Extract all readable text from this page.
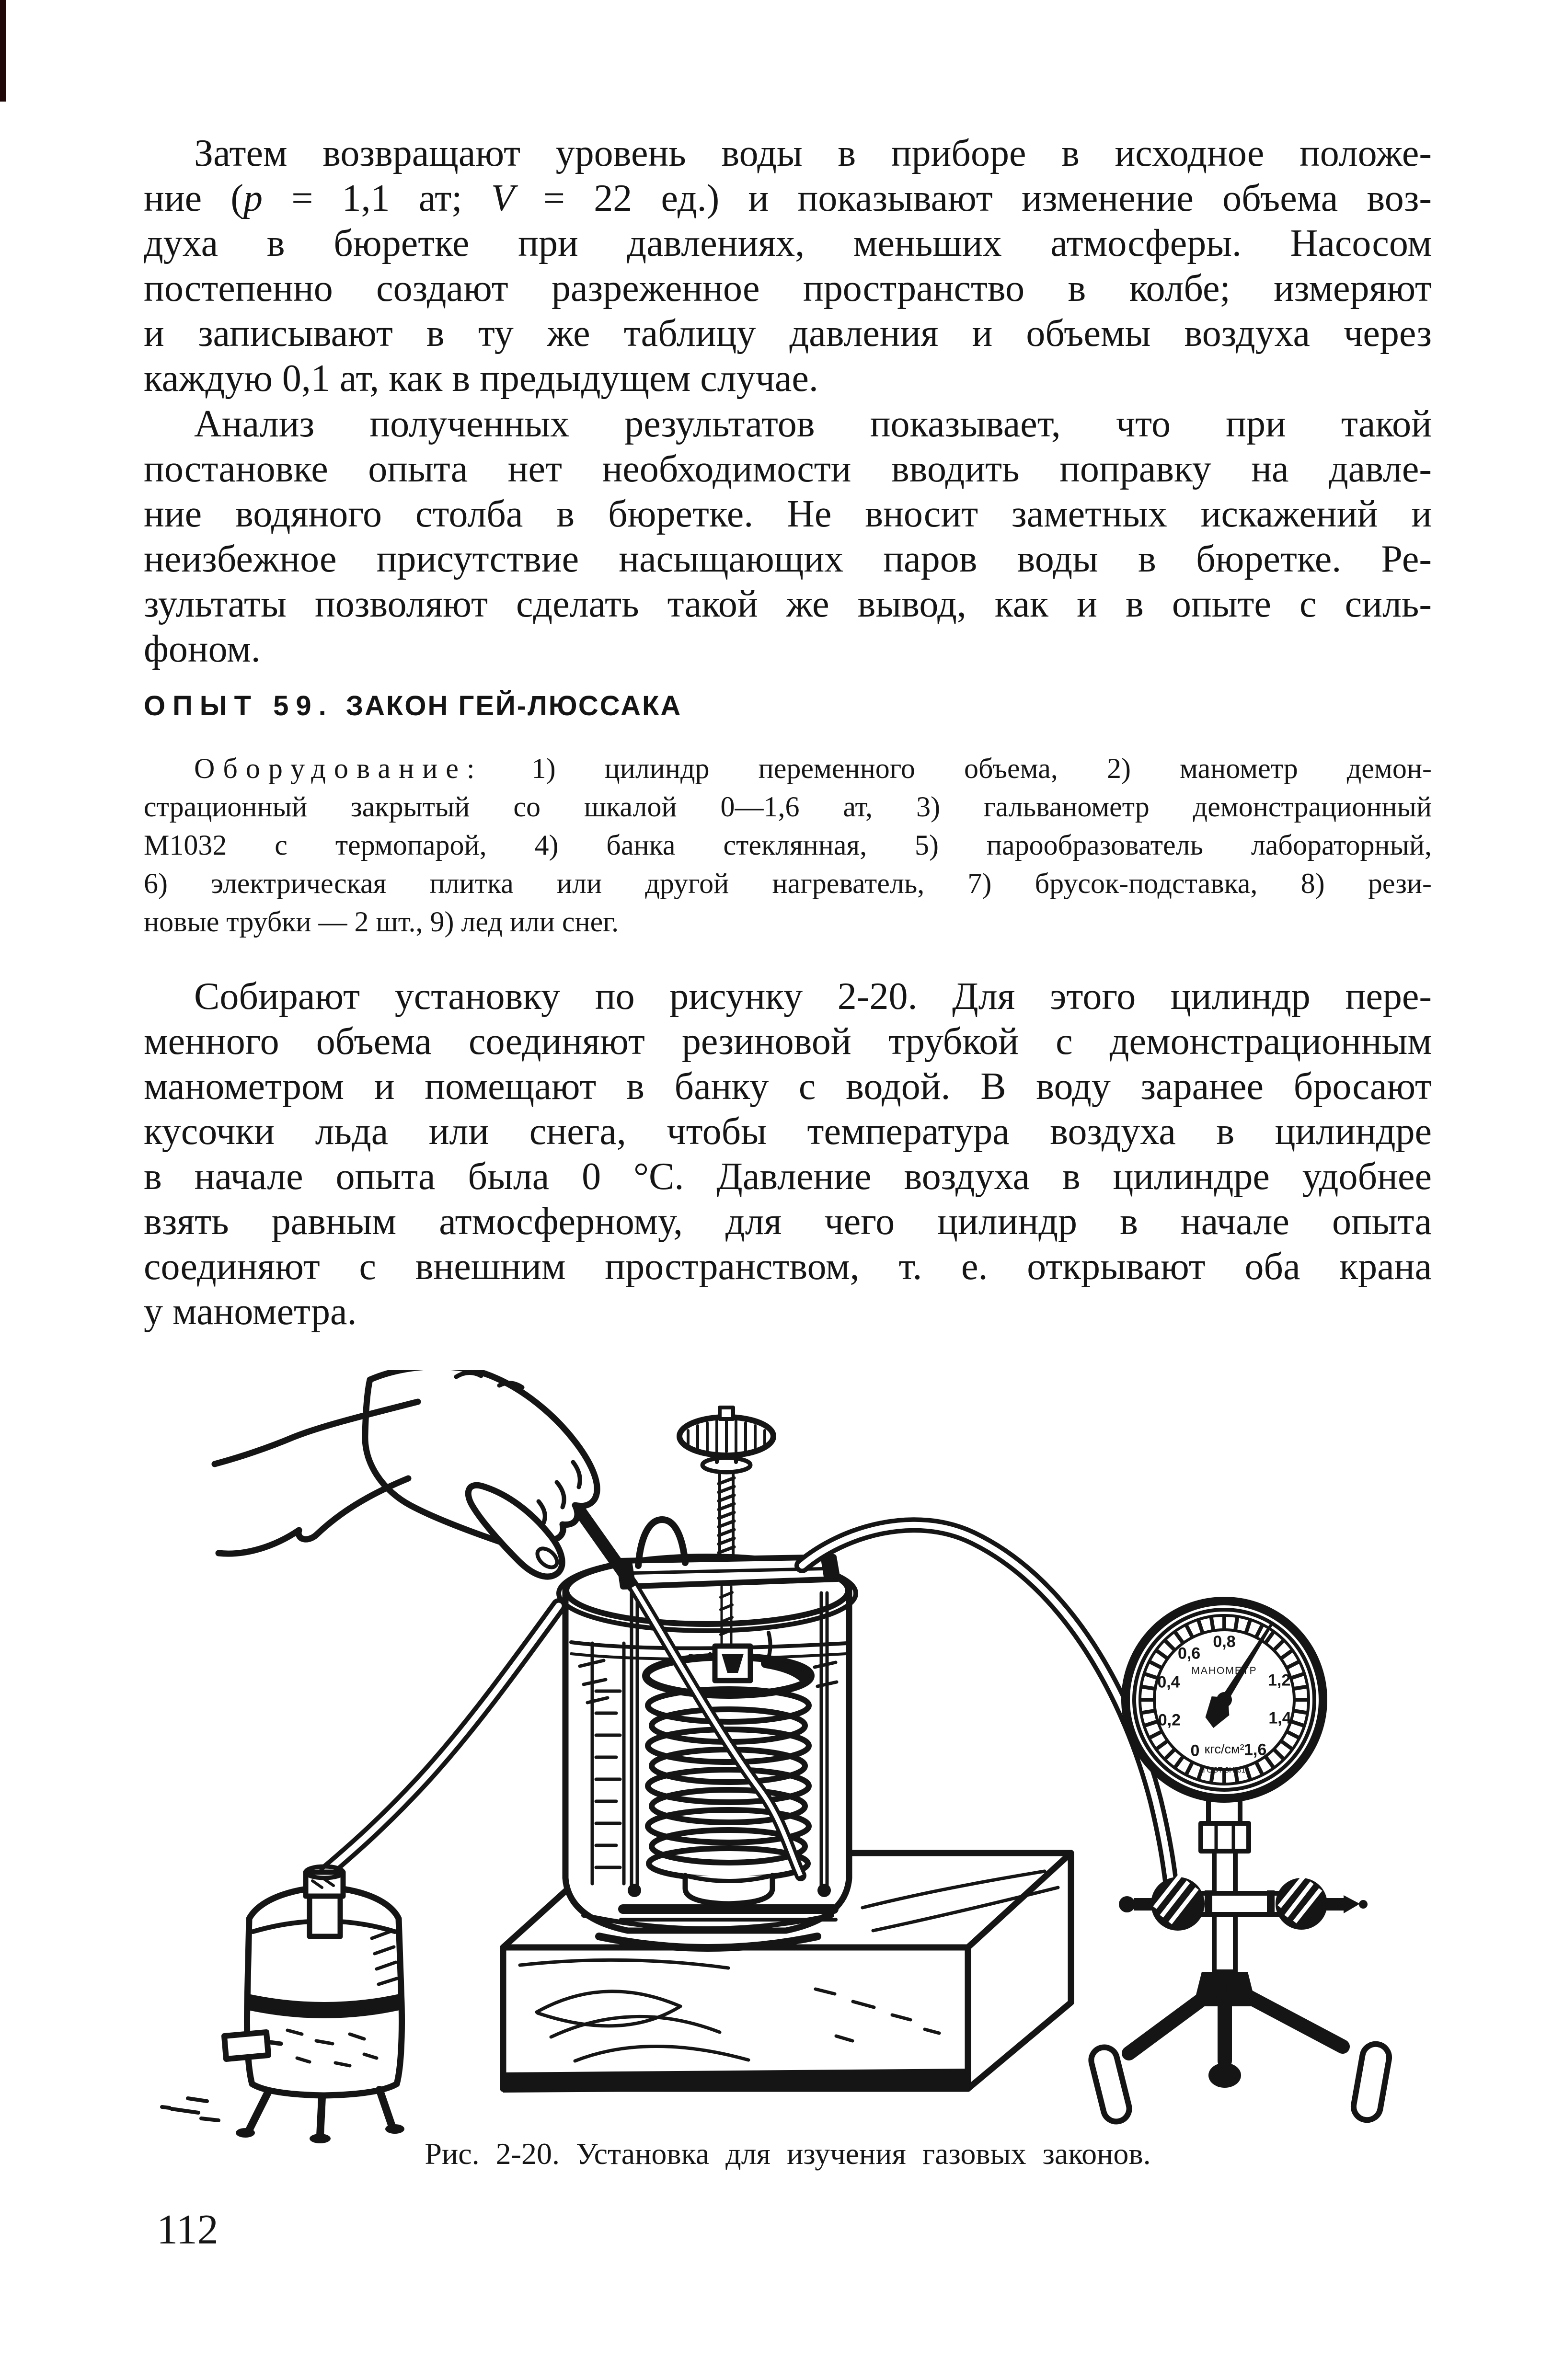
Затем возвращают уровень воды в приборе в исходное положе-
ние (p = 1,1 ат; V = 22 ед.) и показывают изменение объема воз-
духа в бюретке при давлениях, меньших атмосферы. Насосом
постепенно создают разреженное пространство в колбе; измеряют
и записывают в ту же таблицу давления и объемы воздуха через
каждую 0,1 ат, как в предыдущем случае.
Анализ полученных результатов показывает, что при такой
постановке опыта нет необходимости вводить поправку на давле-
ние водяного столба в бюретке. Не вносит заметных искажений и
неизбежное присутствие насыщающих паров воды в бюретке. Ре-
зультаты позволяют сделать такой же вывод, как и в опыте с силь-
фоном.
ОПЫТ 59. ЗАКОН ГЕЙ-ЛЮССАКА
Оборудование: 1) цилиндр переменного объема, 2) манометр демон-
страционный закрытый со шкалой 0—1,6 ат, 3) гальванометр демонстрационный
М1032 с термопарой, 4) банка стеклянная, 5) парообразователь лабораторный,
6) электрическая плитка или другой нагреватель, 7) брусок-подставка, 8) рези-
новые трубки — 2 шт., 9) лед или снег.
Собирают установку по рисунку 2-20. Для этого цилиндр пере-
менного объема соединяют резиновой трубкой с демонстрационным
манометром и помещают в банку с водой. В воду заранее бросают
кусочки льда или снега, чтобы температура воздуха в цилиндре
в начале опыта была 0 °С. Давление воздуха в цилиндре удобнее
взять равным атмосферному, для чего цилиндр в начале опыта
соединяют с внешним пространством, т. е. открывают оба крана
у манометра.
0
0,2
0,4
0,6
0,8
1,2
1,4
1,6
МАНОМЕТР
кгс/см²
ГОСТ 8Н-61
Рис. 2-20. Установка для изучения газовых законов.
112
